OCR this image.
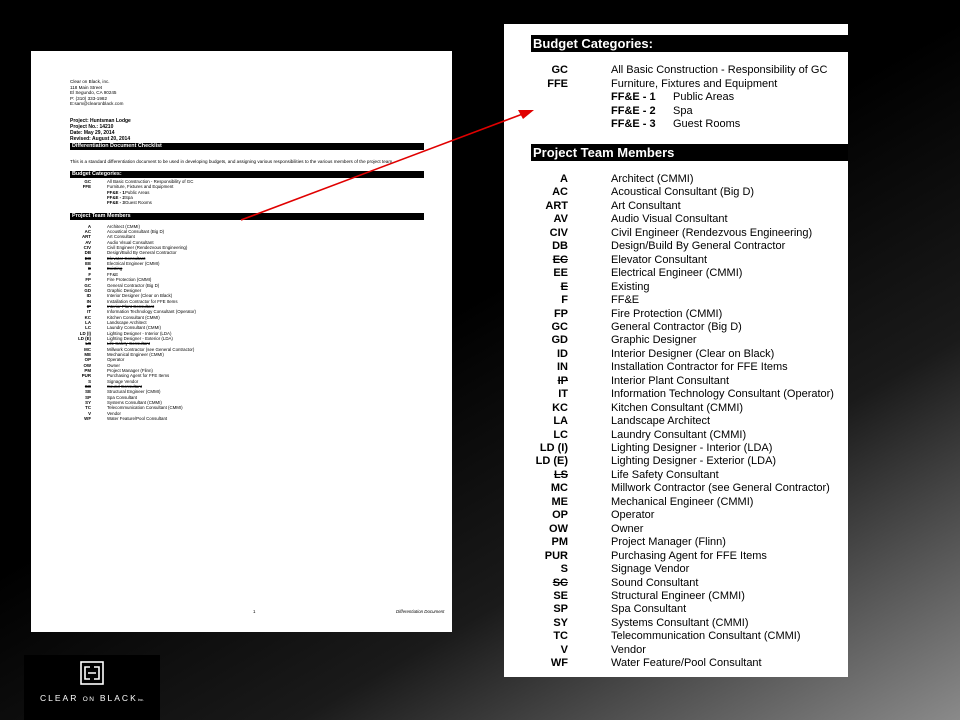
Clear on Black, inc.
118 Main Street
El Segundo, CA 90245
P: (310) 333-1982
E:sam@clearonblack.com
Project: Huntsman Lodge
Project No.: 14210
Date: May 29, 2014
Revised: August 20, 2014
Differentiation Document Checklist
This is a standard differentiation document to be used in developing budgets, and assigning various responsibilities to the various members of the project team.
Budget Categories:
GC	All Basic Construction - Responsibility of GC
FFE	Furniture, Fixtures and Equipment
FF&E - 1 Public Areas
FF&E - 2 Spa
FF&E - 3 Guest Rooms
Project Team Members
A	Architect (CMMI)
AC	Acoustical Consultant (Big D)
ART	Art Consultant
AV	Audio Visual Consultant
CIV	Civil Engineer (Rendezvous Engineering)
DB	Design/Build By General Contractor
EC	Elevator Consultant
EE	Electrical Engineer (CMMI)
E	Existing
F	FF&E
FP	Fire Protection (CMMI)
GC	General Contractor (Big D)
GD	Graphic Designer
ID	Interior Designer (Clear on Black)
IN	Installation Contractor for FFE Items
IP	Interior Plant Consultant
IT	Information Technology Consultant (Operator)
KC	Kitchen Consultant (CMMI)
LA	Landscape Architect
LC	Laundry Consultant (CMMI)
LD (I)	Lighting Designer - Interior (LDA)
LD (E)	Lighting Designer - Exterior (LDA)
LS	Life Safety Consultant
MC	Millwork Contractor (see General Contractor)
ME	Mechanical Engineer (CMMI)
OP	Operator
OW	Owner
PM	Project Manager (Flinn)
PUR	Purchasing Agent for FFE Items
S	Signage Vendor
SC	Sound Consultant
SE	Structural Engineer (CMMI)
SP	Spa Consultant
SY	Systems Consultant (CMMI)
TC	Telecommunication Consultant (CMMI)
V	Vendor
WF	Water Feature/Pool Consultant
1	Differentiation Document
Budget Categories:
Project Team Members
GC	All Basic Construction - Responsibility of GC
FFE	Furniture, Fixtures and Equipment
FF&E - 1 Public Areas
FF&E - 2 Spa
FF&E - 3 Guest Rooms
A	Architect (CMMI)
AC	Acoustical Consultant (Big D)
ART	Art Consultant
AV	Audio Visual Consultant
CIV	Civil Engineer (Rendezvous Engineering)
DB	Design/Build By General Contractor
EC	Elevator Consultant
EE	Electrical Engineer (CMMI)
E	Existing
F	FF&E
FP	Fire Protection (CMMI)
GC	General Contractor (Big D)
GD	Graphic Designer
ID	Interior Designer (Clear on Black)
IN	Installation Contractor for FFE Items
IP	Interior Plant Consultant
IT	Information Technology Consultant (Operator)
KC	Kitchen Consultant (CMMI)
LA	Landscape Architect
LC	Laundry Consultant (CMMI)
LD (I)	Lighting Designer - Interior (LDA)
LD (E)	Lighting Designer - Exterior (LDA)
LS	Life Safety Consultant
MC	Millwork Contractor (see General Contractor)
ME	Mechanical Engineer (CMMI)
OP	Operator
OW	Owner
PM	Project Manager (Flinn)
PUR	Purchasing Agent for FFE Items
S	Signage Vendor
SC	Sound Consultant
SE	Structural Engineer (CMMI)
SP	Spa Consultant
SY	Systems Consultant (CMMI)
TC	Telecommunication Consultant (CMMI)
V	Vendor
WF	Water Feature/Pool Consultant
CLEAR ON BLACKinc.
